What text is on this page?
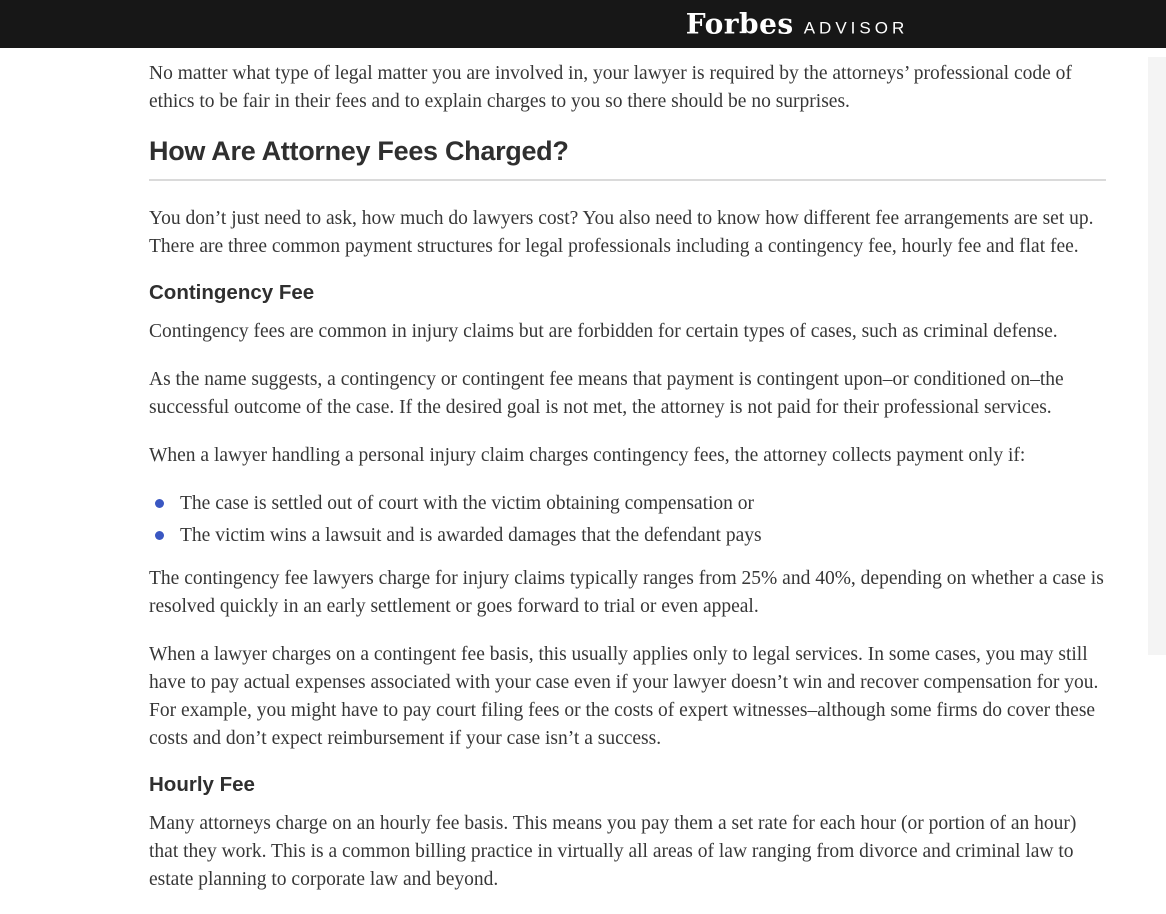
Forbes ADVISOR

No matter what type of legal matter you are involved in, your lawyer is required by the attorneys’ professional code of ethics to be fair in their fees and to explain charges to you so there should be no surprises.

How Are Attorney Fees Charged?

You don’t just need to ask, how much do lawyers cost? You also need to know how different fee arrangements are set up. There are three common payment structures for legal professionals including a contingency fee, hourly fee and flat fee.

Contingency Fee

Contingency fees are common in injury claims but are forbidden for certain types of cases, such as criminal defense.

As the name suggests, a contingency or contingent fee means that payment is contingent upon–or conditioned on–the successful outcome of the case. If the desired goal is not met, the attorney is not paid for their professional services.

When a lawyer handling a personal injury claim charges contingency fees, the attorney collects payment only if:

The case is settled out of court with the victim obtaining compensation or
The victim wins a lawsuit and is awarded damages that the defendant pays

The contingency fee lawyers charge for injury claims typically ranges from 25% and 40%, depending on whether a case is resolved quickly in an early settlement or goes forward to trial or even appeal.

When a lawyer charges on a contingent fee basis, this usually applies only to legal services. In some cases, you may still have to pay actual expenses associated with your case even if your lawyer doesn’t win and recover compensation for you. For example, you might have to pay court filing fees or the costs of expert witnesses–although some firms do cover these costs and don’t expect reimbursement if your case isn’t a success.

Hourly Fee

Many attorneys charge on an hourly fee basis. This means you pay them a set rate for each hour (or portion of an hour) that they work. This is a common billing practice in virtually all areas of law ranging from divorce and criminal law to estate planning to corporate law and beyond.
